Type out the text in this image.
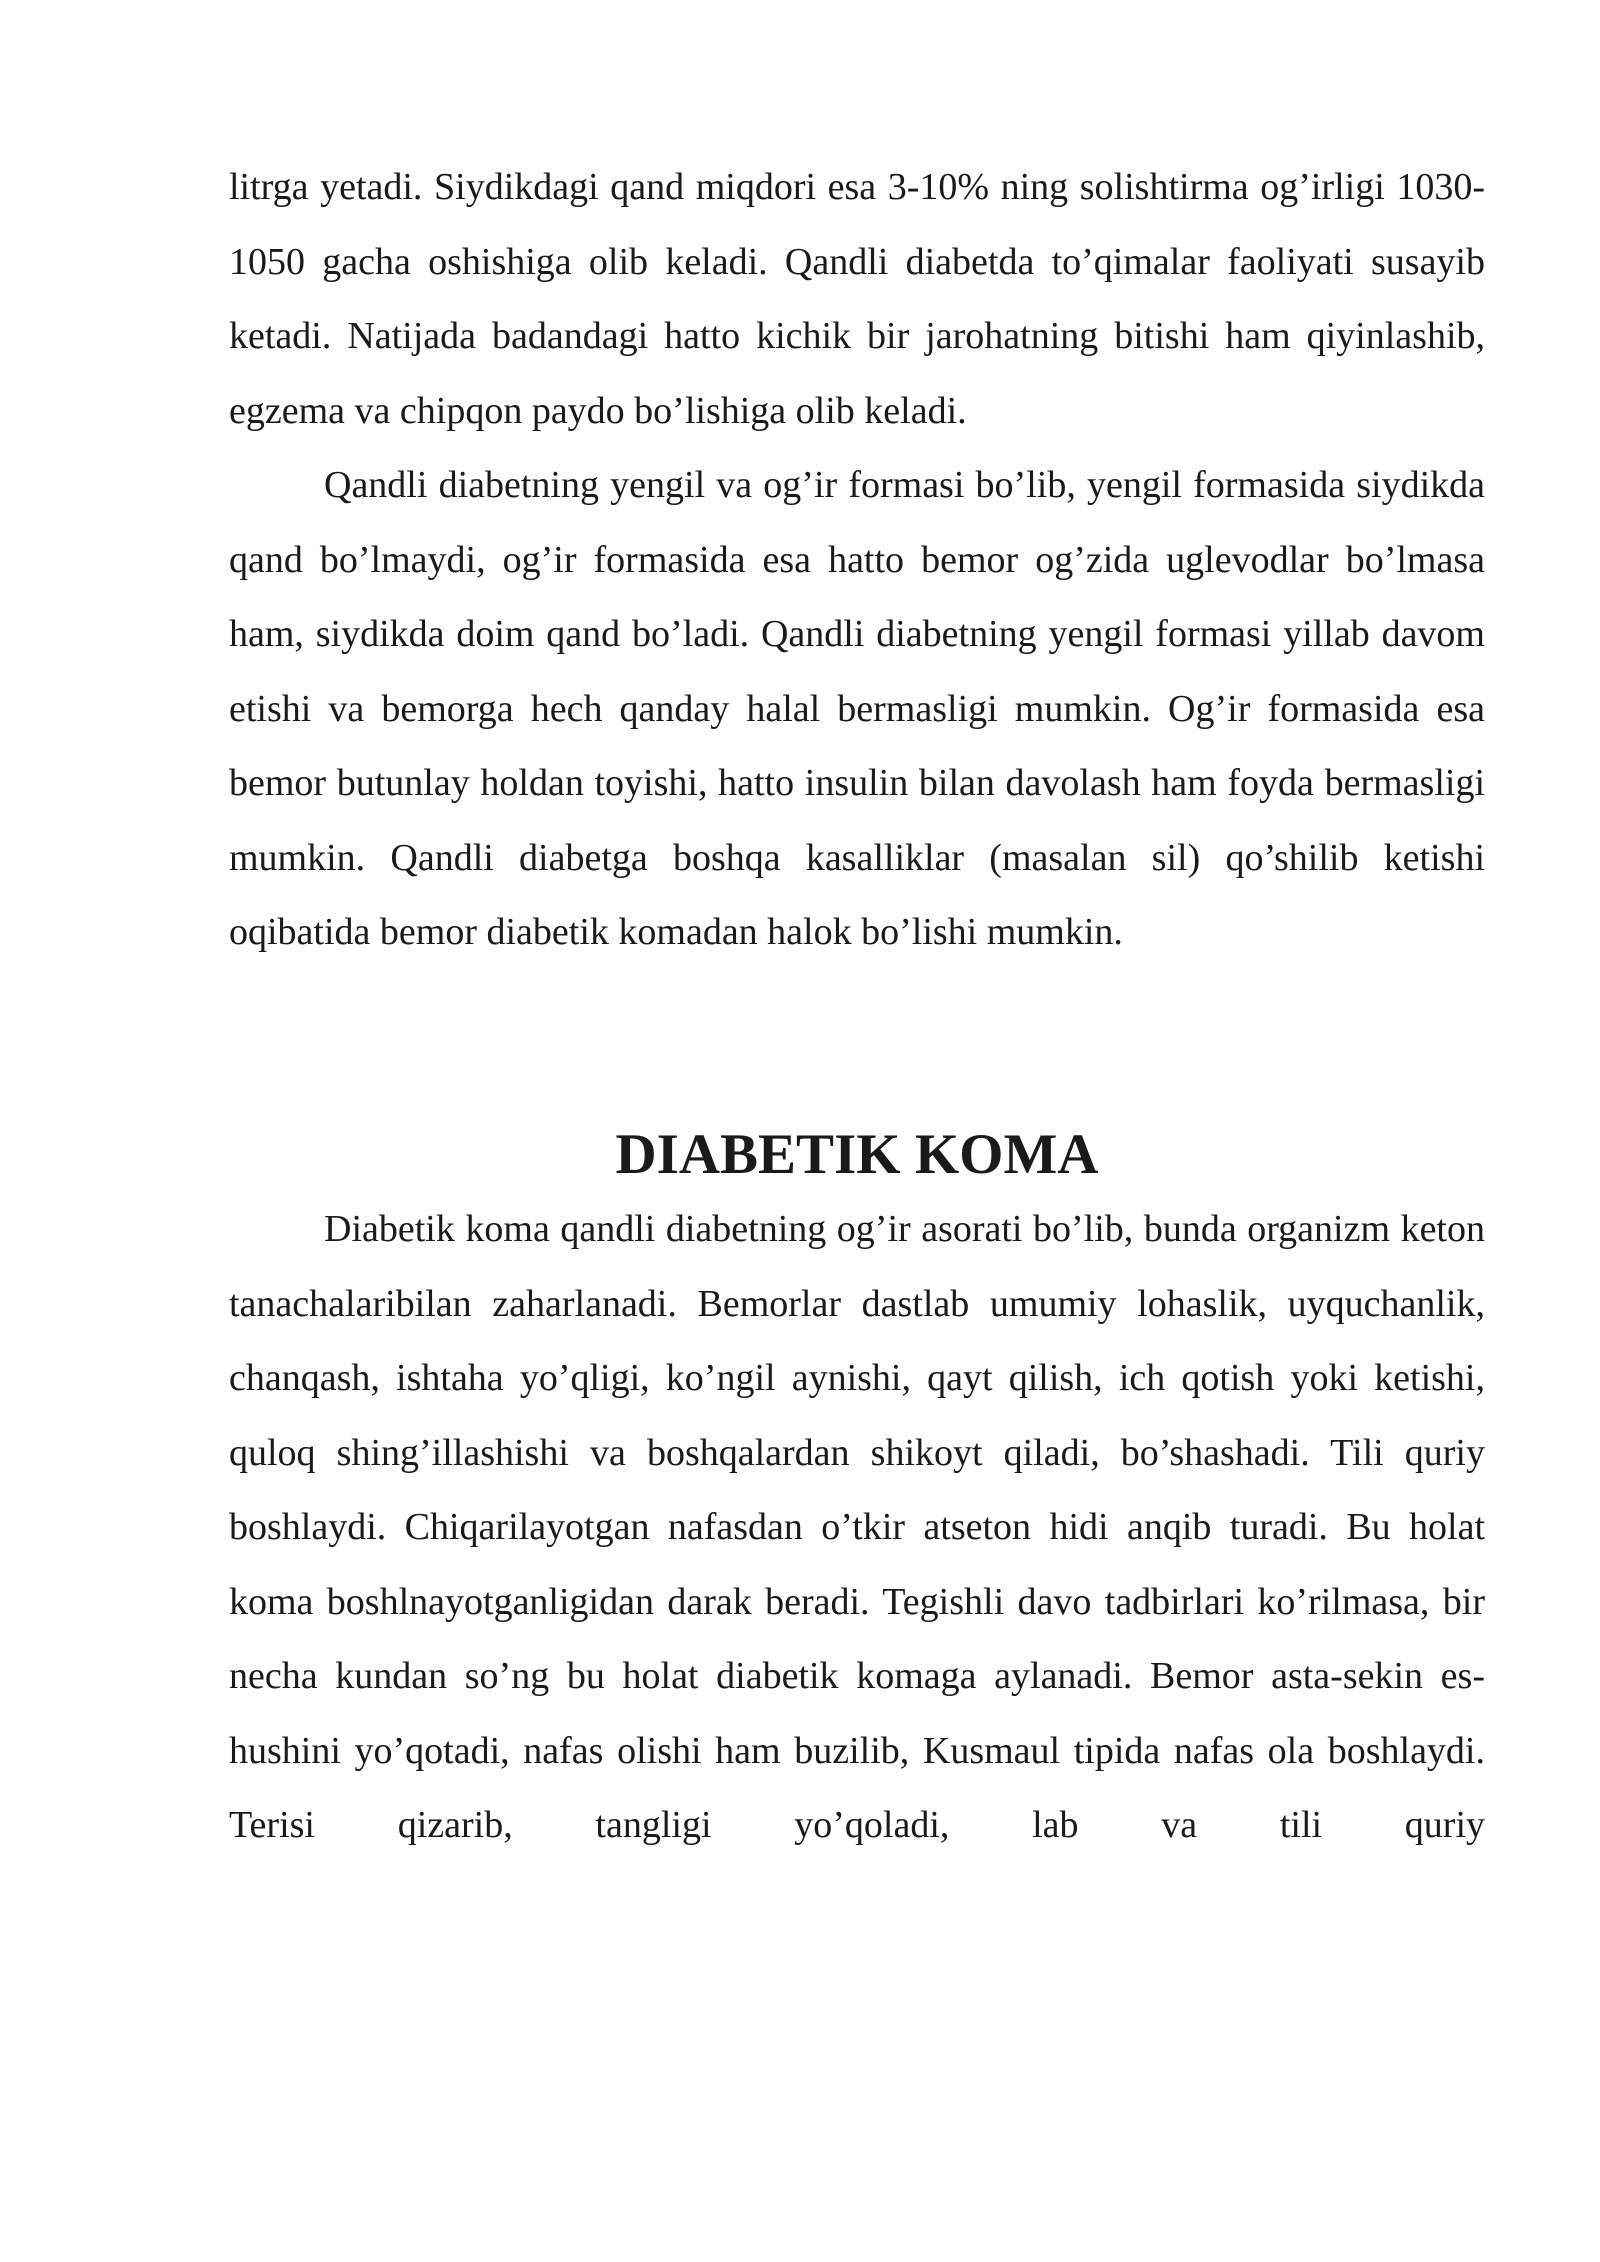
litrga yetadi. Siydikdagi qand miqdori esa 3-10% ning solishtirma og’irligi 1030-1050 gacha oshishiga olib keladi. Qandli diabetda to’qimalar faoliyati susayib ketadi. Natijada badandagi hatto kichik bir jarohatning bitishi ham qiyinlashib, egzema va chipqon paydo bo’lishiga olib keladi.

Qandli diabetning yengil va og’ir formasi bo’lib, yengil formasida siydikda qand bo’lmaydi, og’ir formasida esa hatto bemor og’zida uglevodlar bo’lmasa ham, siydikda doim qand bo’ladi. Qandli diabetning yengil formasi yillab davom etishi va bemorga hech qanday halal bermasligi mumkin. Og’ir formasida esa bemor butunlay holdan toyishi, hatto insulin bilan davolash ham foyda bermasligi mumkin. Qandli diabetga boshqa kasalliklar (masalan sil) qo’shilib ketishi oqibatida bemor diabetik komadan halok bo’lishi mumkin.

DIABETIK KOMA

Diabetik koma qandli diabetning og’ir asorati bo’lib, bunda organizm keton tanachalaribilan zaharlanadi. Bemorlar dastlab umumiy lohaslik, uyquchanlik, chanqash, ishtaha yo’qligi, ko’ngil aynishi, qayt qilish, ich qotish yoki ketishi, quloq shing’illashishi va boshqalardan shikoyt qiladi, bo’shashadi. Tili quriy boshlaydi. Chiqarilayotgan nafasdan o’tkir atseton hidi anqib turadi. Bu holat koma boshlnayotganligidan darak beradi. Tegishli davo tadbirlari ko’rilmasa, bir necha kundan so’ng bu holat diabetik komaga aylanadi. Bemor asta-sekin es-hushini yo’qotadi, nafas olishi ham buzilib, Kusmaul tipida nafas ola boshlaydi. Terisi qizarib, tangligi yo’qoladi, lab va tili quriy
